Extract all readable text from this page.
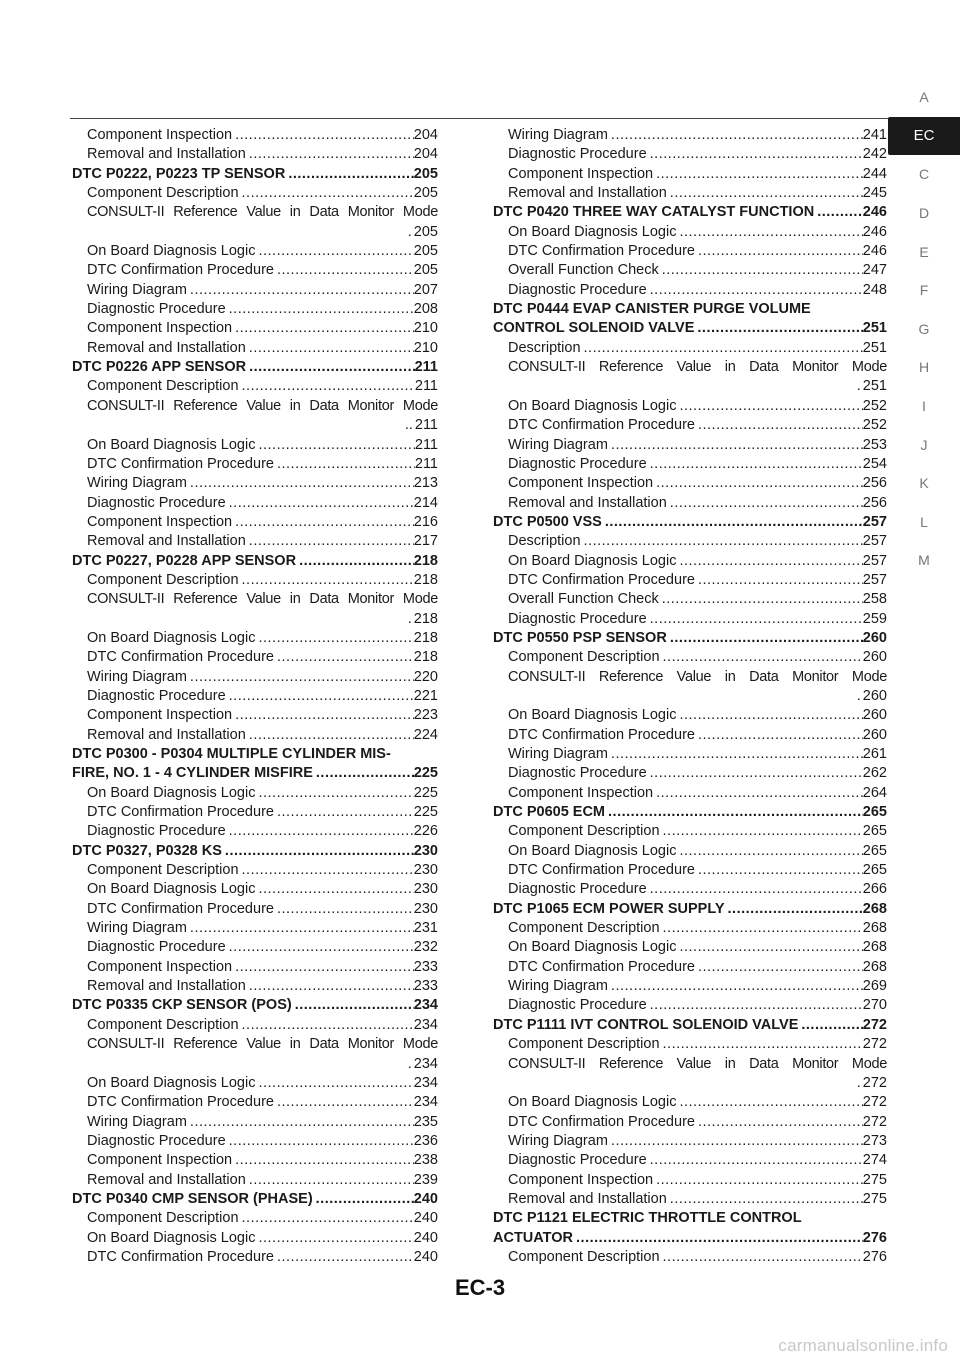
Component Inspection .....	204
Removal and Installation .....	204
DTC P0222, P0223 TP SENSOR .....	205
Component Description .....	205
CONSULT-II Reference Value in Data Monitor Mode
. 205
On Board Diagnosis Logic .....	205
DTC Confirmation Procedure .....	205
Wiring Diagram .....	207
Diagnostic Procedure .....	208
Component Inspection .....	210
Removal and Installation .....	210
DTC P0226 APP SENSOR .....	211
Component Description .....	211
CONSULT-II Reference Value in Data Monitor Mode
.. 211
On Board Diagnosis Logic .....	211
DTC Confirmation Procedure .....	211
Wiring Diagram .....	213
Diagnostic Procedure .....	214
Component Inspection .....	216
Removal and Installation .....	217
DTC P0227, P0228 APP SENSOR .....	218
Component Description .....	218
CONSULT-II Reference Value in Data Monitor Mode
. 218
On Board Diagnosis Logic .....	218
DTC Confirmation Procedure .....	218
Wiring Diagram .....	220
Diagnostic Procedure .....	221
Component Inspection .....	223
Removal and Installation .....	224
DTC P0300 - P0304 MULTIPLE CYLINDER MIS-
FIRE, NO. 1 - 4 CYLINDER MISFIRE .....	225
On Board Diagnosis Logic .....	225
DTC Confirmation Procedure .....	225
Diagnostic Procedure .....	226
DTC P0327, P0328 KS .....	230
Component Description .....	230
On Board Diagnosis Logic .....	230
DTC Confirmation Procedure .....	230
Wiring Diagram .....	231
Diagnostic Procedure .....	232
Component Inspection .....	233
Removal and Installation .....	233
DTC P0335 CKP SENSOR (POS) .....	234
Component Description .....	234
CONSULT-II Reference Value in Data Monitor Mode
. 234
On Board Diagnosis Logic .....	234
DTC Confirmation Procedure .....	234
Wiring Diagram .....	235
Diagnostic Procedure .....	236
Component Inspection .....	238
Removal and Installation .....	239
DTC P0340 CMP SENSOR (PHASE) .....	240
Component Description .....	240
On Board Diagnosis Logic .....	240
DTC Confirmation Procedure .....	240
Wiring Diagram .....	241
Diagnostic Procedure .....	242
Component Inspection .....	244
Removal and Installation .....	245
DTC P0420 THREE WAY CATALYST FUNCTION .....	246
On Board Diagnosis Logic .....	246
DTC Confirmation Procedure .....	246
Overall Function Check .....	247
Diagnostic Procedure .....	248
DTC P0444 EVAP CANISTER PURGE VOLUME
CONTROL SOLENOID VALVE .....	251
Description .....	251
CONSULT-II Reference Value in Data Monitor Mode
. 251
On Board Diagnosis Logic .....	252
DTC Confirmation Procedure .....	252
Wiring Diagram .....	253
Diagnostic Procedure .....	254
Component Inspection .....	256
Removal and Installation .....	256
DTC P0500 VSS .....	257
Description .....	257
On Board Diagnosis Logic .....	257
DTC Confirmation Procedure .....	257
Overall Function Check .....	258
Diagnostic Procedure .....	259
DTC P0550 PSP SENSOR .....	260
Component Description .....	260
CONSULT-II Reference Value in Data Monitor Mode
. 260
On Board Diagnosis Logic .....	260
DTC Confirmation Procedure .....	260
Wiring Diagram .....	261
Diagnostic Procedure .....	262
Component Inspection .....	264
DTC P0605 ECM .....	265
Component Description .....	265
On Board Diagnosis Logic .....	265
DTC Confirmation Procedure .....	265
Diagnostic Procedure .....	266
DTC P1065 ECM POWER SUPPLY .....	268
Component Description .....	268
On Board Diagnosis Logic .....	268
DTC Confirmation Procedure .....	268
Wiring Diagram .....	269
Diagnostic Procedure .....	270
DTC P1111 IVT CONTROL SOLENOID VALVE .....	272
Component Description .....	272
CONSULT-II Reference Value in Data Monitor Mode
. 272
On Board Diagnosis Logic .....	272
DTC Confirmation Procedure .....	272
Wiring Diagram .....	273
Diagnostic Procedure .....	274
Component Inspection .....	275
Removal and Installation .....	275
DTC P1121 ELECTRIC THROTTLE CONTROL
ACTUATOR .....	276
Component Description .....	276
A
EC
C
D
E
F
G
H
I
J
K
L
M
EC-3
carmanualsonline.info
